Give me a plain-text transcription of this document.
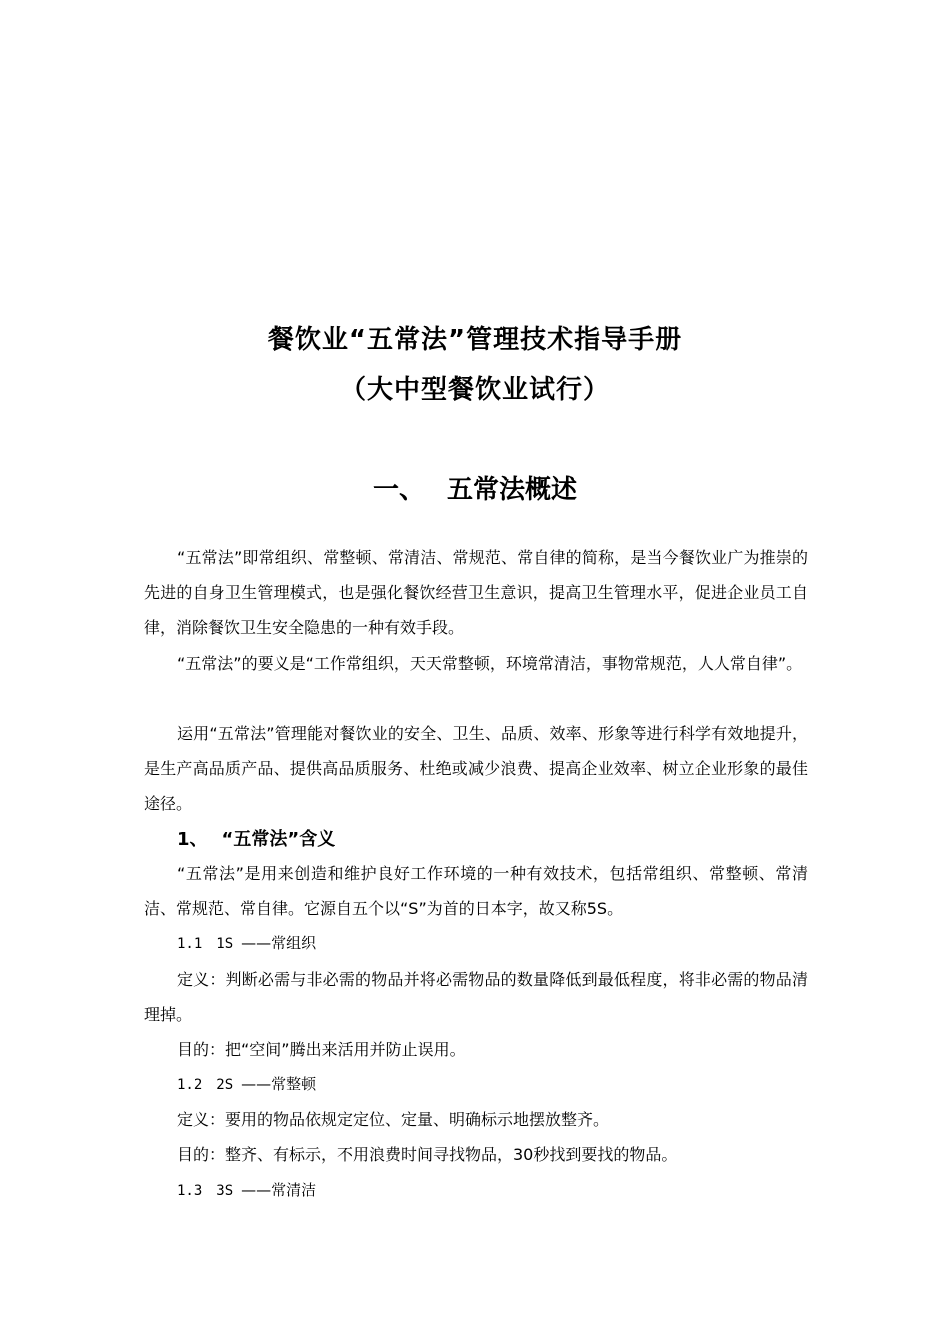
餐饮业“五常法”管理技术指导手册
（大中型餐饮业试行）
一、 五常法概述

“五常法”即常组织、常整顿、常清洁、常规范、常自律的简称，是当今餐饮业广为推崇的先进的自身卫生管理模式，也是强化餐饮经营卫生意识，提高卫生管理水平，促进企业员工自律，消除餐饮卫生安全隐患的一种有效手段。

“五常法”的要义是“工作常组织，天天常整顿，环境常清洁，事物常规范，人人常自律”。

运用“五常法”管理能对餐饮业的安全、卫生、品质、效率、形象等进行科学有效地提升，是生产高品质产品、提供高品质服务、杜绝或减少浪费、提高企业效率、树立企业形象的最佳途径。

1、 “五常法”含义

“五常法”是用来创造和维护良好工作环境的一种有效技术，包括常组织、常整顿、常清洁、常规范、常自律。它源自五个以“S”为首的日本字，故又称5S。

1.1 1S ——常组织

定义：判断必需与非必需的物品并将必需物品的数量降低到最低程度，将非必需的物品清理掉。

目的：把“空间”腾出来活用并防止误用。

1.2 2S ——常整顿

定义：要用的物品依规定定位、定量、明确标示地摆放整齐。

目的：整齐、有标示，不用浪费时间寻找物品，30秒找到要找的物品。

1.3 3S ——常清洁
